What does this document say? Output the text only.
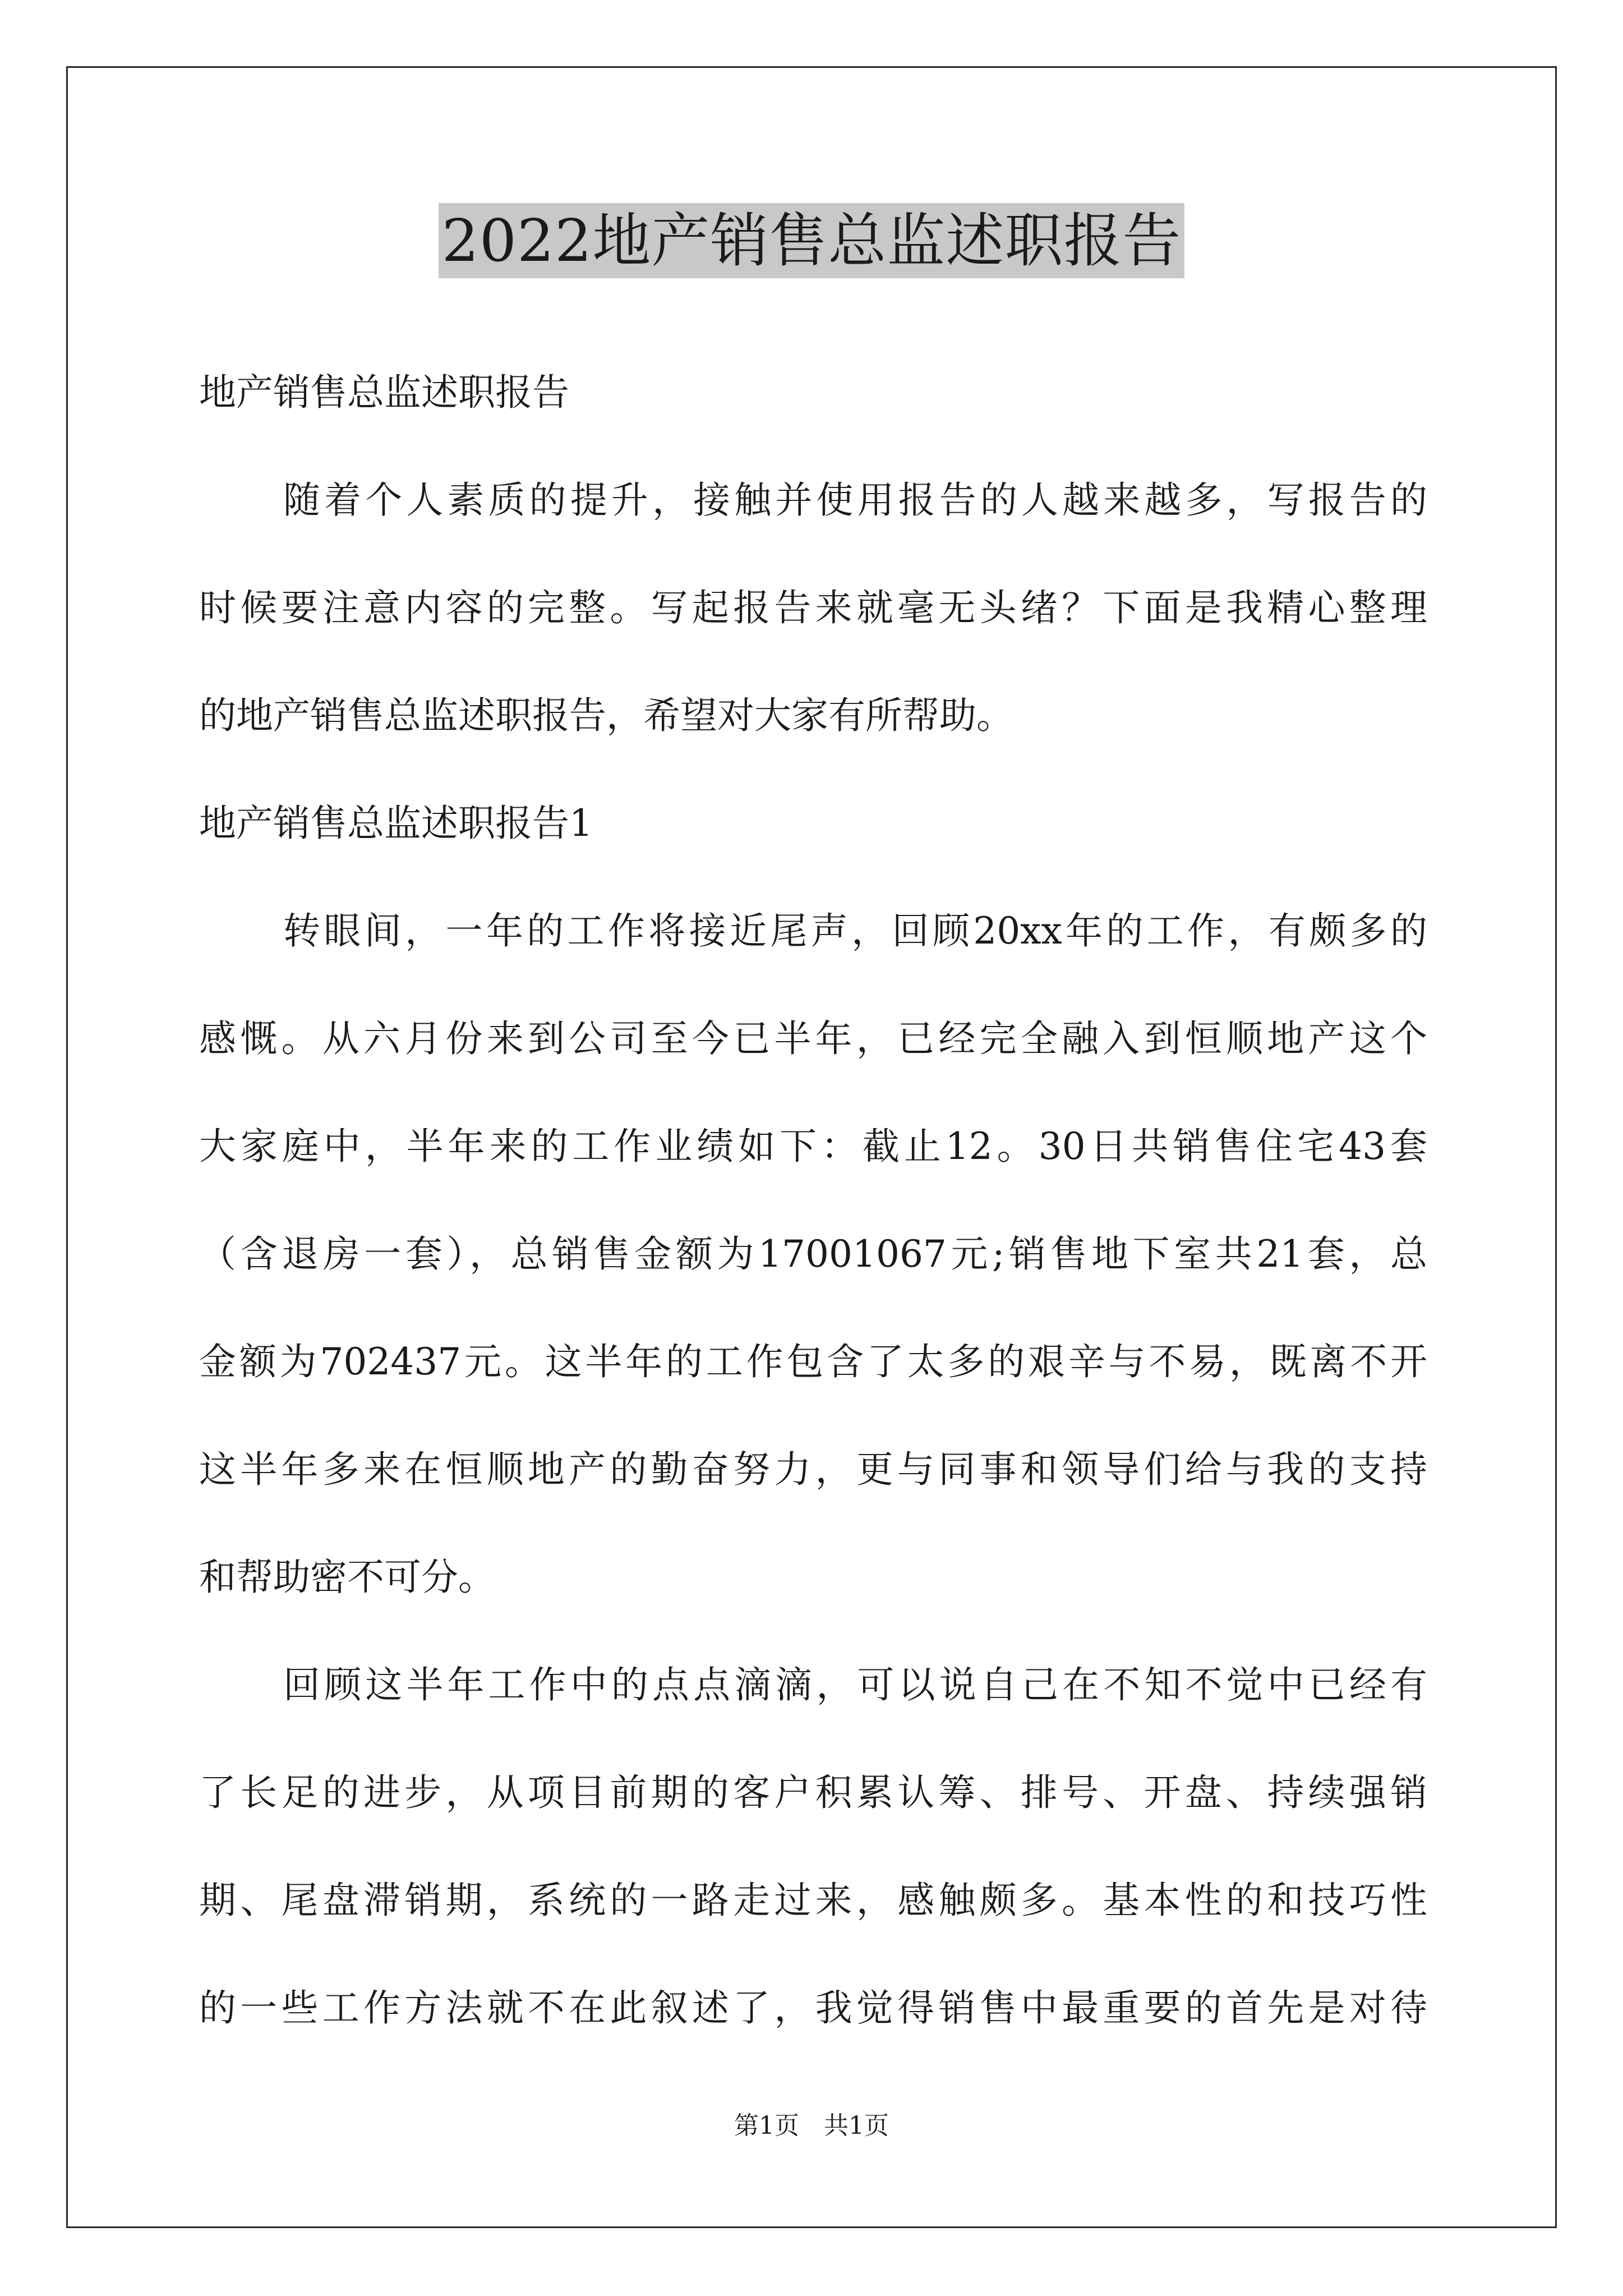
2022地产销售总监述职报告
地产销售总监述职报告
随着个人素质的提升，接触并使用报告的人越来越多，写报告的
时候要注意内容的完整。写起报告来就毫无头绪？下面是我精心整理
的地产销售总监述职报告，希望对大家有所帮助。
地产销售总监述职报告1
转眼间，一年的工作将接近尾声，回顾20xx年的工作，有颇多的
感慨。从六月份来到公司至今已半年，已经完全融入到恒顺地产这个
大家庭中，半年来的工作业绩如下：截止12。30日共销售住宅43套
（含退房一套），总销售金额为17001067元;销售地下室共21套，总
金额为702437元。这半年的工作包含了太多的艰辛与不易，既离不开
这半年多来在恒顺地产的勤奋努力，更与同事和领导们给与我的支持
和帮助密不可分。
回顾这半年工作中的点点滴滴，可以说自己在不知不觉中已经有
了长足的进步，从项目前期的客户积累认筹、排号、开盘、持续强销
期、尾盘滞销期，系统的一路走过来，感触颇多。基本性的和技巧性
的一些工作方法就不在此叙述了，我觉得销售中最重要的首先是对待
第1页　共1页
